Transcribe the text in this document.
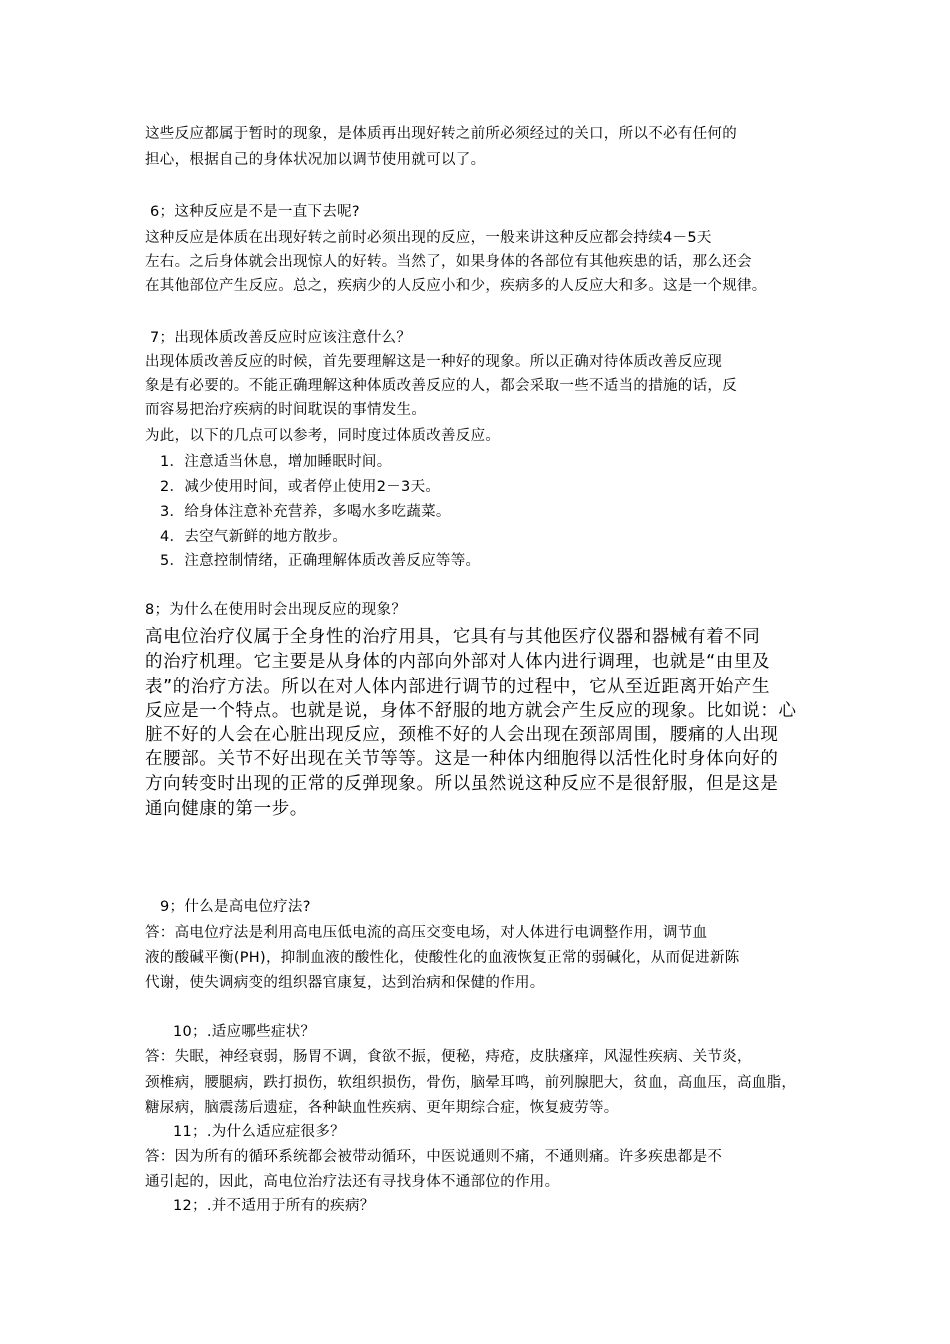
这些反应都属于暂时的现象，是体质再出现好转之前所必须经过的关口，所以不必有任何的
担心，根据自己的身体状况加以调节使用就可以了。
6；这种反应是不是一直下去呢?
这种反应是体质在出现好转之前时必须出现的反应，一般来讲这种反应都会持续4－5天
左右。之后身体就会出现惊人的好转。当然了，如果身体的各部位有其他疾患的话，那么还会
在其他部位产生反应。总之，疾病少的人反应小和少，疾病多的人反应大和多。这是一个规律。
7；出现体质改善反应时应该注意什么？
出现体质改善反应的时候，首先要理解这是一种好的现象。所以正确对待体质改善反应现
象是有必要的。不能正确理解这种体质改善反应的人，都会采取一些不适当的措施的话，反
而容易把治疗疾病的时间耽误的事情发生。
为此，以下的几点可以参考，同时度过体质改善反应。
1．注意适当休息，增加睡眠时间。
2．减少使用时间，或者停止使用2－3天。
3．给身体注意补充营养，多喝水多吃蔬菜。
4．去空气新鲜的地方散步。
5．注意控制情绪，正确理解体质改善反应等等。
8；为什么在使用时会出现反应的现象？
高电位治疗仪属于全身性的治疗用具，它具有与其他医疗仪器和器械有着不同
的治疗机理。它主要是从身体的内部向外部对人体内进行调理，也就是“由里及
表”的治疗方法。所以在对人体内部进行调节的过程中，它从至近距离开始产生
反应是一个特点。也就是说，身体不舒服的地方就会产生反应的现象。比如说：心
脏不好的人会在心脏出现反应，颈椎不好的人会出现在颈部周围，腰痛的人出现
在腰部。关节不好出现在关节等等。这是一种体内细胞得以活性化时身体向好的
方向转变时出现的正常的反弹现象。所以虽然说这种反应不是很舒服，但是这是
通向健康的第一步。
9；什么是高电位疗法?
答：高电位疗法是利用高电压低电流的高压交变电场，对人体进行电调整作用，调节血
液的酸碱平衡(PH)，抑制血液的酸性化，使酸性化的血液恢复正常的弱碱化，从而促进新陈
代谢，使失调病变的组织器官康复，达到治病和保健的作用。
10；.适应哪些症状？
答：失眠，神经衰弱，肠胃不调，食欲不振，便秘，痔疮，皮肤瘙痒，风湿性疾病、关节炎，
颈椎病，腰腿病，跌打损伤，软组织损伤，骨伤，脑晕耳鸣，前列腺肥大，贫血，高血压，高血脂，
糖尿病，脑震荡后遗症，各种缺血性疾病、更年期综合症，恢复疲劳等。
11；.为什么适应症很多？
答：因为所有的循环系统都会被带动循环，中医说通则不痛，不通则痛。许多疾患都是不
通引起的，因此，高电位治疗法还有寻找身体不通部位的作用。
12；.并不适用于所有的疾病？
